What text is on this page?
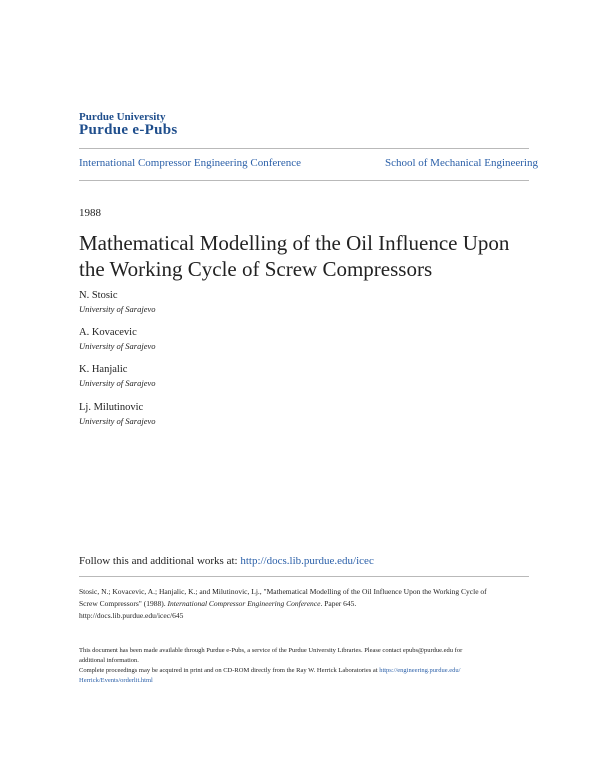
Purdue University
Purdue e-Pubs
International Compressor Engineering Conference	School of Mechanical Engineering
1988
Mathematical Modelling of the Oil Influence Upon the Working Cycle of Screw Compressors
N. Stosic
University of Sarajevo
A. Kovacevic
University of Sarajevo
K. Hanjalic
University of Sarajevo
Lj. Milutinovic
University of Sarajevo
Follow this and additional works at: http://docs.lib.purdue.edu/icec
Stosic, N.; Kovacevic, A.; Hanjalic, K.; and Milutinovic, Lj., "Mathematical Modelling of the Oil Influence Upon the Working Cycle of
Screw Compressors" (1988). International Compressor Engineering Conference. Paper 645.
http://docs.lib.purdue.edu/icec/645
This document has been made available through Purdue e-Pubs, a service of the Purdue University Libraries. Please contact epubs@purdue.edu for
additional information.
Complete proceedings may be acquired in print and on CD-ROM directly from the Ray W. Herrick Laboratories at https://engineering.purdue.edu/
Herrick/Events/orderlit.html
